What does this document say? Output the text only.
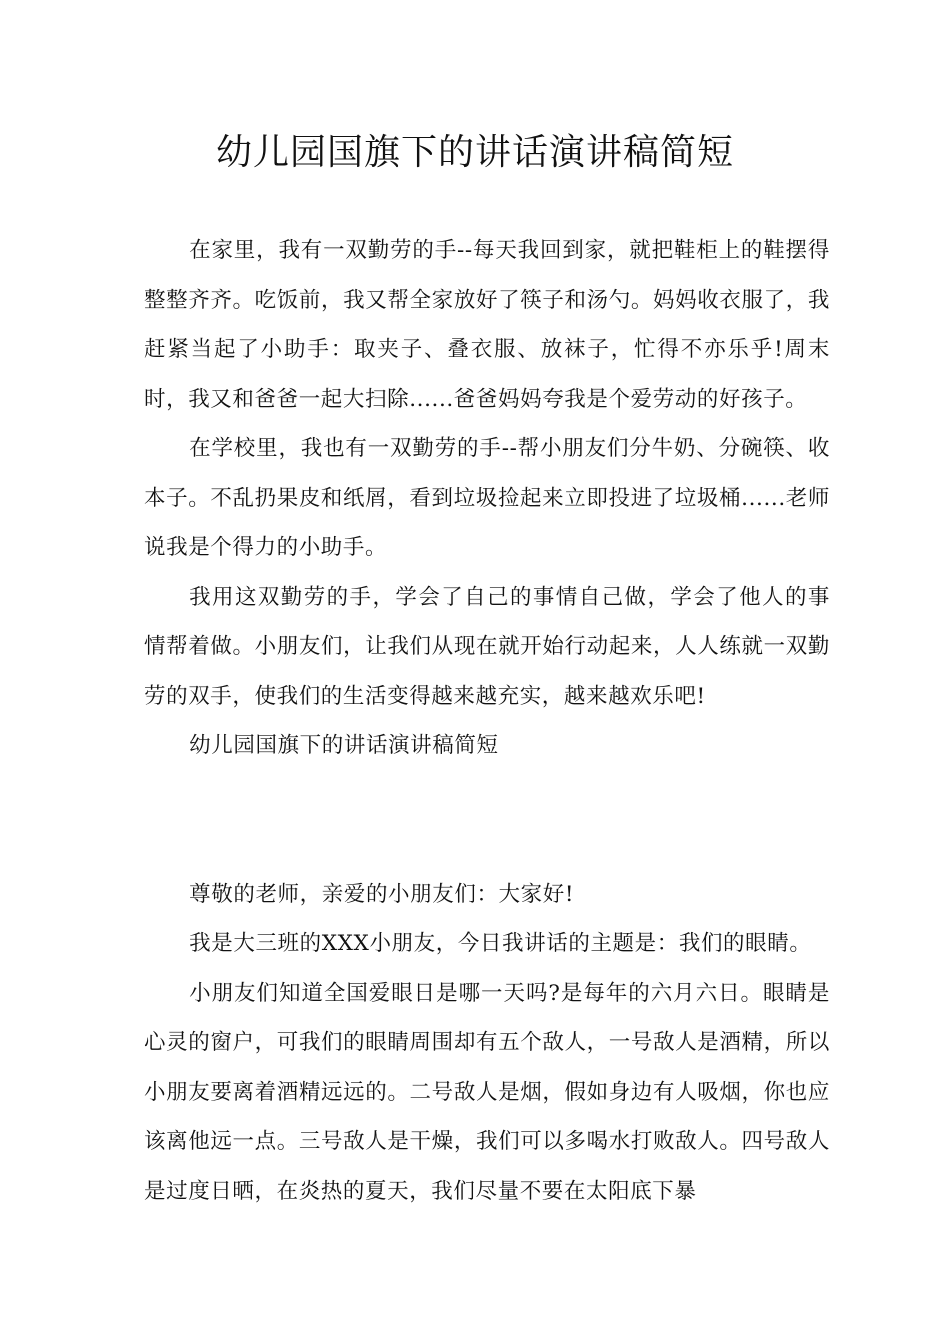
幼儿园国旗下的讲话演讲稿简短

在家里，我有一双勤劳的手--每天我回到家，就把鞋柜上的鞋摆得整整齐齐。吃饭前，我又帮全家放好了筷子和汤勺。妈妈收衣服了，我赶紧当起了小助手：取夹子、叠衣服、放袜子，忙得不亦乐乎!周末时，我又和爸爸一起大扫除......爸爸妈妈夸我是个爱劳动的好孩子。

在学校里，我也有一双勤劳的手--帮小朋友们分牛奶、分碗筷、收本子。不乱扔果皮和纸屑，看到垃圾捡起来立即投进了垃圾桶......老师说我是个得力的小助手。

我用这双勤劳的手，学会了自己的事情自己做，学会了他人的事情帮着做。小朋友们，让我们从现在就开始行动起来，人人练就一双勤劳的双手，使我们的生活变得越来越充实，越来越欢乐吧!

幼儿园国旗下的讲话演讲稿简短

尊敬的老师，亲爱的小朋友们：大家好!

我是大三班的XXX小朋友，今日我讲话的主题是：我们的眼睛。

小朋友们知道全国爱眼日是哪一天吗?是每年的六月六日。眼睛是心灵的窗户，可我们的眼睛周围却有五个敌人，一号敌人是酒精，所以小朋友要离着酒精远远的。二号敌人是烟，假如身边有人吸烟，你也应该离他远一点。三号敌人是干燥，我们可以多喝水打败敌人。四号敌人是过度日晒，在炎热的夏天，我们尽量不要在太阳底下暴
